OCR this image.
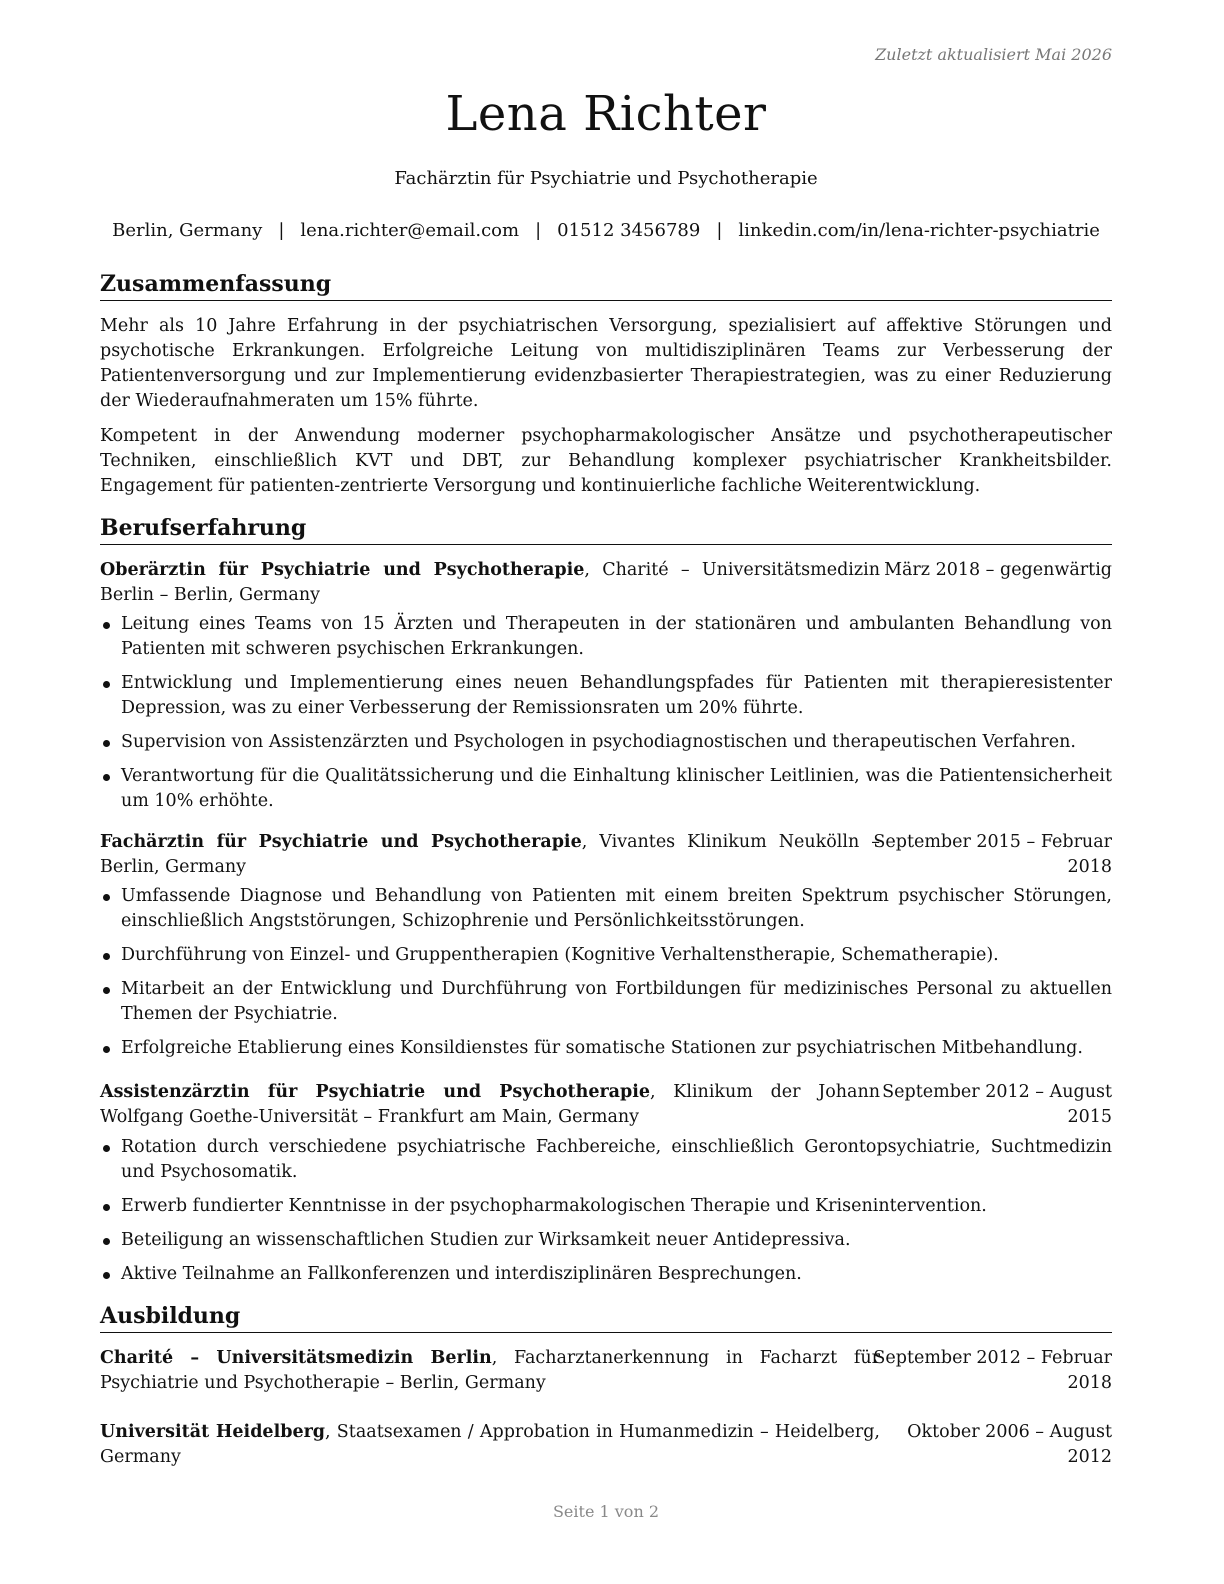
Zuletzt aktualisiert Mai 2026
Lena Richter
Fachärztin für Psychiatrie und Psychotherapie
Berlin, Germany | lena.richter@email.com | 01512 3456789 | linkedin.com/in/lena-richter-psychiatrie
Zusammenfassung

Mehr als 10 Jahre Erfahrung in der psychiatrischen Versorgung, spezialisiert auf affektive Störungen und psychotische Erkrankungen. Erfolgreiche Leitung von multidisziplinären Teams zur Verbesserung der Patientenversorgung und zur Implementierung evidenzbasierter Therapiestrategien, was zu einer Reduzierung der Wiederaufnahmeraten um 15% führte.

Kompetent in der Anwendung moderner psychopharmakologischer Ansätze und psychotherapeutischer Techniken, einschließlich KVT und DBT, zur Behandlung komplexer psychiatrischer Krankheitsbilder. Engagement für patienten-zentrierte Versorgung und kontinuierliche fachliche Weiterentwicklung.

Berufserfahrung
Oberärztin für Psychiatrie und Psychotherapie, Charité – Universitätsmedizin Berlin – Berlin, Germany
März 2018 – gegenwärtig
Leitung eines Teams von 15 Ärzten und Therapeuten in der stationären und ambulanten Behandlung von Patienten mit schweren psychischen Erkrankungen.
Entwicklung und Implementierung eines neuen Behandlungspfades für Patienten mit therapieresistenter Depression, was zu einer Verbesserung der Remissionsraten um 20% führte.
Supervision von Assistenzärzten und Psychologen in psychodiagnostischen und therapeutischen Verfahren.
Verantwortung für die Qualitätssicherung und die Einhaltung klinischer Leitlinien, was die Patientensicherheit um 10% erhöhte.
Fachärztin für Psychiatrie und Psychotherapie, Vivantes Klinikum Neukölln – Berlin, Germany
September 2015 – Februar 2018
Umfassende Diagnose und Behandlung von Patienten mit einem breiten Spektrum psychischer Störungen, einschließlich Angststörungen, Schizophrenie und Persönlichkeitsstörungen.
Durchführung von Einzel- und Gruppentherapien (Kognitive Verhaltenstherapie, Schematherapie).
Mitarbeit an der Entwicklung und Durchführung von Fortbildungen für medizinisches Personal zu aktuellen Themen der Psychiatrie.
Erfolgreiche Etablierung eines Konsildienstes für somatische Stationen zur psychiatrischen Mitbehandlung.
Assistenzärztin für Psychiatrie und Psychotherapie, Klinikum der Johann Wolfgang Goethe-Universität – Frankfurt am Main, Germany
September 2012 – August 2015
Rotation durch verschiedene psychiatrische Fachbereiche, einschließlich Gerontopsychiatrie, Suchtmedizin und Psychosomatik.
Erwerb fundierter Kenntnisse in der psychopharmakologischen Therapie und Krisenintervention.
Beteiligung an wissenschaftlichen Studien zur Wirksamkeit neuer Antidepressiva.
Aktive Teilnahme an Fallkonferenzen und interdisziplinären Besprechungen.
Ausbildung
Charité – Universitätsmedizin Berlin, Facharztanerkennung in Facharzt für Psychiatrie und Psychotherapie – Berlin, Germany
September 2012 – Februar 2018
Universität Heidelberg, Staatsexamen / Approbation in Humanmedizin – Heidelberg, Germany
Oktober 2006 – August 2012
Seite 1 von 2
